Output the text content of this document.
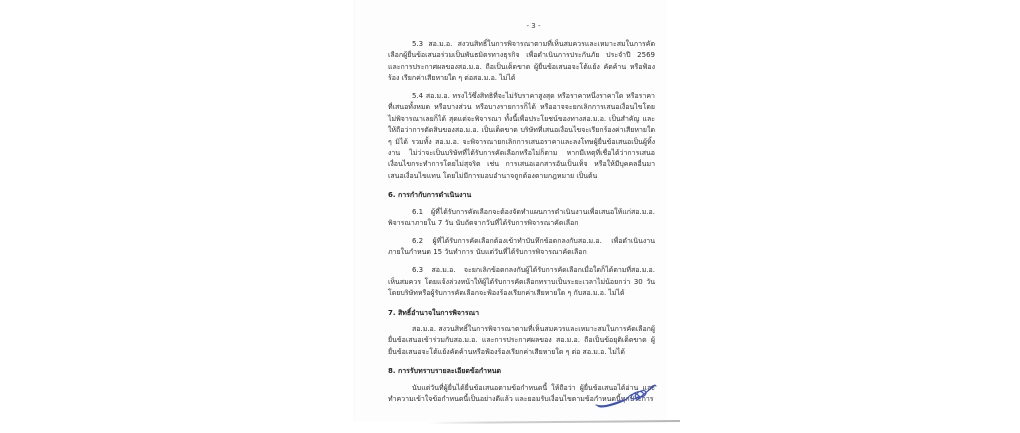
- 3 -

5.3 สอ.ม.อ. สงวนสิทธิ์ในการพิจารณาตามที่เห็นสมควรและเหมาะสมในการคัดเลือกผู้ยื่นข้อเสนอร่วมเป็นพันธมิตรทางธุรกิจ เพื่อดำเนินการประกันภัย ประจำปี 2569 และการประกาศผลของสอ.ม.อ. ถือเป็นเด็ดขาด ผู้ยื่นข้อเสนอจะโต้แย้ง คัดค้าน หรือฟ้องร้อง เรียกค่าเสียหายใด ๆ ต่อสอ.ม.อ. ไม่ได้

5.4 สอ.ม.อ. ทรงไว้ซึ่งสิทธิที่จะไม่รับราคาสูงสุด หรือราคาหนึ่งราคาใด หรือราคาที่เสนอทั้งหมด หรือบางส่วน หรือบางรายการก็ได้ หรืออาจจะยกเลิกการเสนอเงื่อนไขโดยไม่พิจารณาเลยก็ได้ สุดแต่จะพิจารณา ทั้งนี้เพื่อประโยชน์ของทางสอ.ม.อ. เป็นสำคัญ และให้ถือว่าการตัดสินของสอ.ม.อ. เป็นเด็ดขาด บริษัทที่เสนอเงื่อนไขจะเรียกร้องค่าเสียหายใด ๆ มิได้ รวมทั้ง สอ.ม.อ. จะพิจารณายกเลิกการเสนอราคาและลงโทษผู้ยื่นข้อเสนอเป็นผู้ทิ้งงาน ไม่ว่าจะเป็นบริษัทที่ได้รับการคัดเลือกหรือไม่ก็ตาม หากมีเหตุที่เชื่อได้ว่าการเสนอเงื่อนไขกระทำการโดยไม่สุจริต เช่น การเสนอเอกสารอันเป็นเท็จ หรือให้มีบุคคลอื่นมาเสนอเงื่อนไขแทน โดยไม่มีการมอบอำนาจถูกต้องตามกฎหมาย เป็นต้น

6. การกำกับการดำเนินงาน

6.1 ผู้ที่ได้รับการคัดเลือกจะต้องจัดทำแผนการดำเนินงานเพื่อเสนอให้แก่สอ.ม.อ. พิจารณาภายใน 7 วัน นับถัดจากวันที่ได้รับการพิจารณาคัดเลือก

6.2 ผู้ที่ได้รับการคัดเลือกต้องเข้าทำบันทึกข้อตกลงกับสอ.ม.อ. เพื่อดำเนินงานภายในกำหนด 15 วันทำการ นับแต่วันที่ได้รับการพิจารณาคัดเลือก

6.3 สอ.ม.อ. จะยกเลิกข้อตกลงกับผู้ได้รับการคัดเลือกเมื่อใดก็ได้ตามที่สอ.ม.อ. เห็นสมควร โดยแจ้งล่วงหน้าให้ผู้ได้รับการคัดเลือกทราบเป็นระยะเวลาไม่น้อยกว่า 30 วัน โดยบริษัทหรือผู้รับการคัดเลือกจะฟ้องร้องเรียกค่าเสียหายใด ๆ กับสอ.ม.อ. ไม่ได้

7. สิทธิ์อำนาจในการพิจารณา

สอ.ม.อ. สงวนสิทธิ์ในการพิจารณาตามที่เห็นสมควรและเหมาะสมในการคัดเลือกผู้ยื่นข้อเสนอเข้าร่วมกับสอ.ม.อ. และการประกาศผลของ สอ.ม.อ. ถือเป็นข้อยุติเด็ดขาด ผู้ยื่นข้อเสนอจะโต้แย้งคัดค้านหรือฟ้องร้องเรียกค่าเสียหายใด ๆ ต่อ สอ.ม.อ. ไม่ได้

8. การรับทราบรายละเอียดข้อกำหนด

นับแต่วันที่ผู้ยื่นได้ยื่นข้อเสนอตามข้อกำหนดนี้ ให้ถือว่า ผู้ยื่นข้อเสนอได้อ่าน และทำความเข้าใจข้อกำหนดนี้เป็นอย่างดีแล้ว และยอมรับเงื่อนไขตามข้อกำหนดนี้ทุกประการ
